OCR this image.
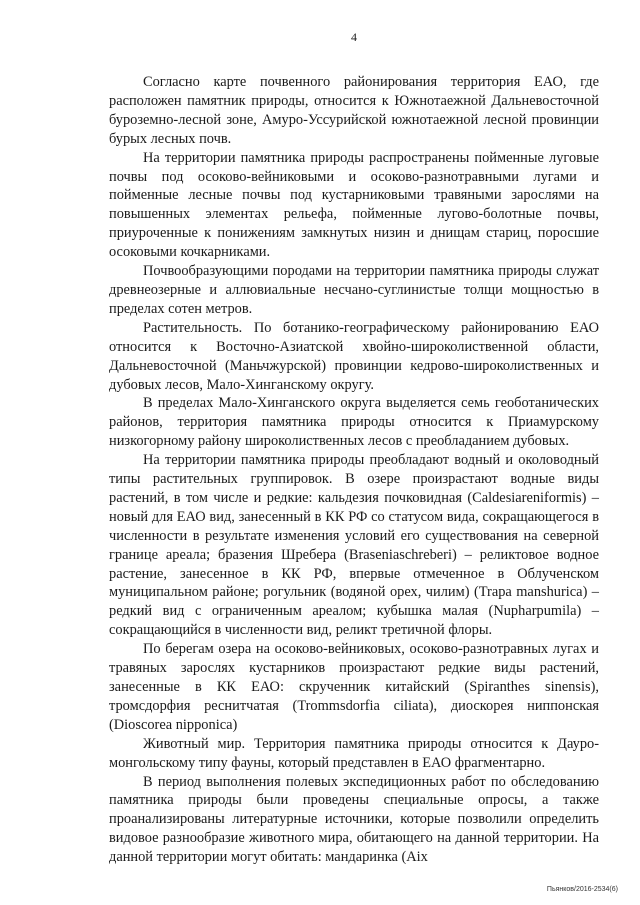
4

Согласно карте почвенного районирования территория ЕАО, где расположен памятник природы, относится к Южнотаежной Дальневосточной буроземно-лесной зоне, Амуро-Уссурийской южнотаежной лесной провинции бурых лесных почв.

На территории памятника природы распространены пойменные луговые почвы под осоково-вейниковыми и осоково-разнотравными лугами и пойменные лесные почвы под кустарниковыми травяными зарослями на повышенных элементах рельефа, пойменные лугово-болотные почвы, приуроченные к понижениям замкнутых низин и днищам стариц, поросшие осоковыми кочкарниками.

Почвообразующими породами на территории памятника природы служат древнеозерные и аллювиальные несчано-суглинистые толщи мощностью в пределах сотен метров.

Растительность. По ботанико-географическому районированию ЕАО относится к Восточно-Азиатской хвойно-широколиственной области, Дальневосточной (Маньчжурской) провинции кедрово-широколиственных и дубовых лесов, Мало-Хинганскому округу.

В пределах Мало-Хинганского округа выделяется семь геоботанических районов, территория памятника природы относится к Приамурскому низкогорному району широколиственных лесов с преобладанием дубовых.

На территории памятника природы преобладают водный и околоводный типы растительных группировок. В озере произрастают водные виды растений, в том числе и редкие: кальдезия почковидная (Caldesiareniformis) – новый для ЕАО вид, занесенный в КК РФ со статусом вида, сокращающегося в численности в результате изменения условий его существования на северной границе ареала; бразения Шребера (Braseniaschreberi) – реликтовое водное растение, занесенное в КК РФ, впервые отмеченное в Облученском муниципальном районе; рогульник (водяной орех, чилим) (Trapa manshurica) – редкий вид с ограниченным ареалом; кубышка малая (Nupharpumila) – сокращающийся в численности вид, реликт третичной флоры.

По берегам озера на осоково-вейниковых, осоково-разнотравных лугах и травяных зарослях кустарников произрастают редкие виды растений, занесенные в КК ЕАО: скрученник китайский (Spiranthes sinensis), тромсдорфия реснитчатая (Trommsdorfia ciliata), диоскорея ниппонская (Dioscorea nipponica)

Животный мир. Территория памятника природы относится к Дауро-монгольскому типу фауны, который представлен в ЕАО фрагментарно.

В период выполнения полевых экспедиционных работ по обследованию памятника природы были проведены специальные опросы, а также проанализированы литературные источники, которые позволили определить видовое разнообразие животного мира, обитающего на данной территории. На данной территории могут обитать: мандаринка (Aix

Пьянков/2016-2534(6)
